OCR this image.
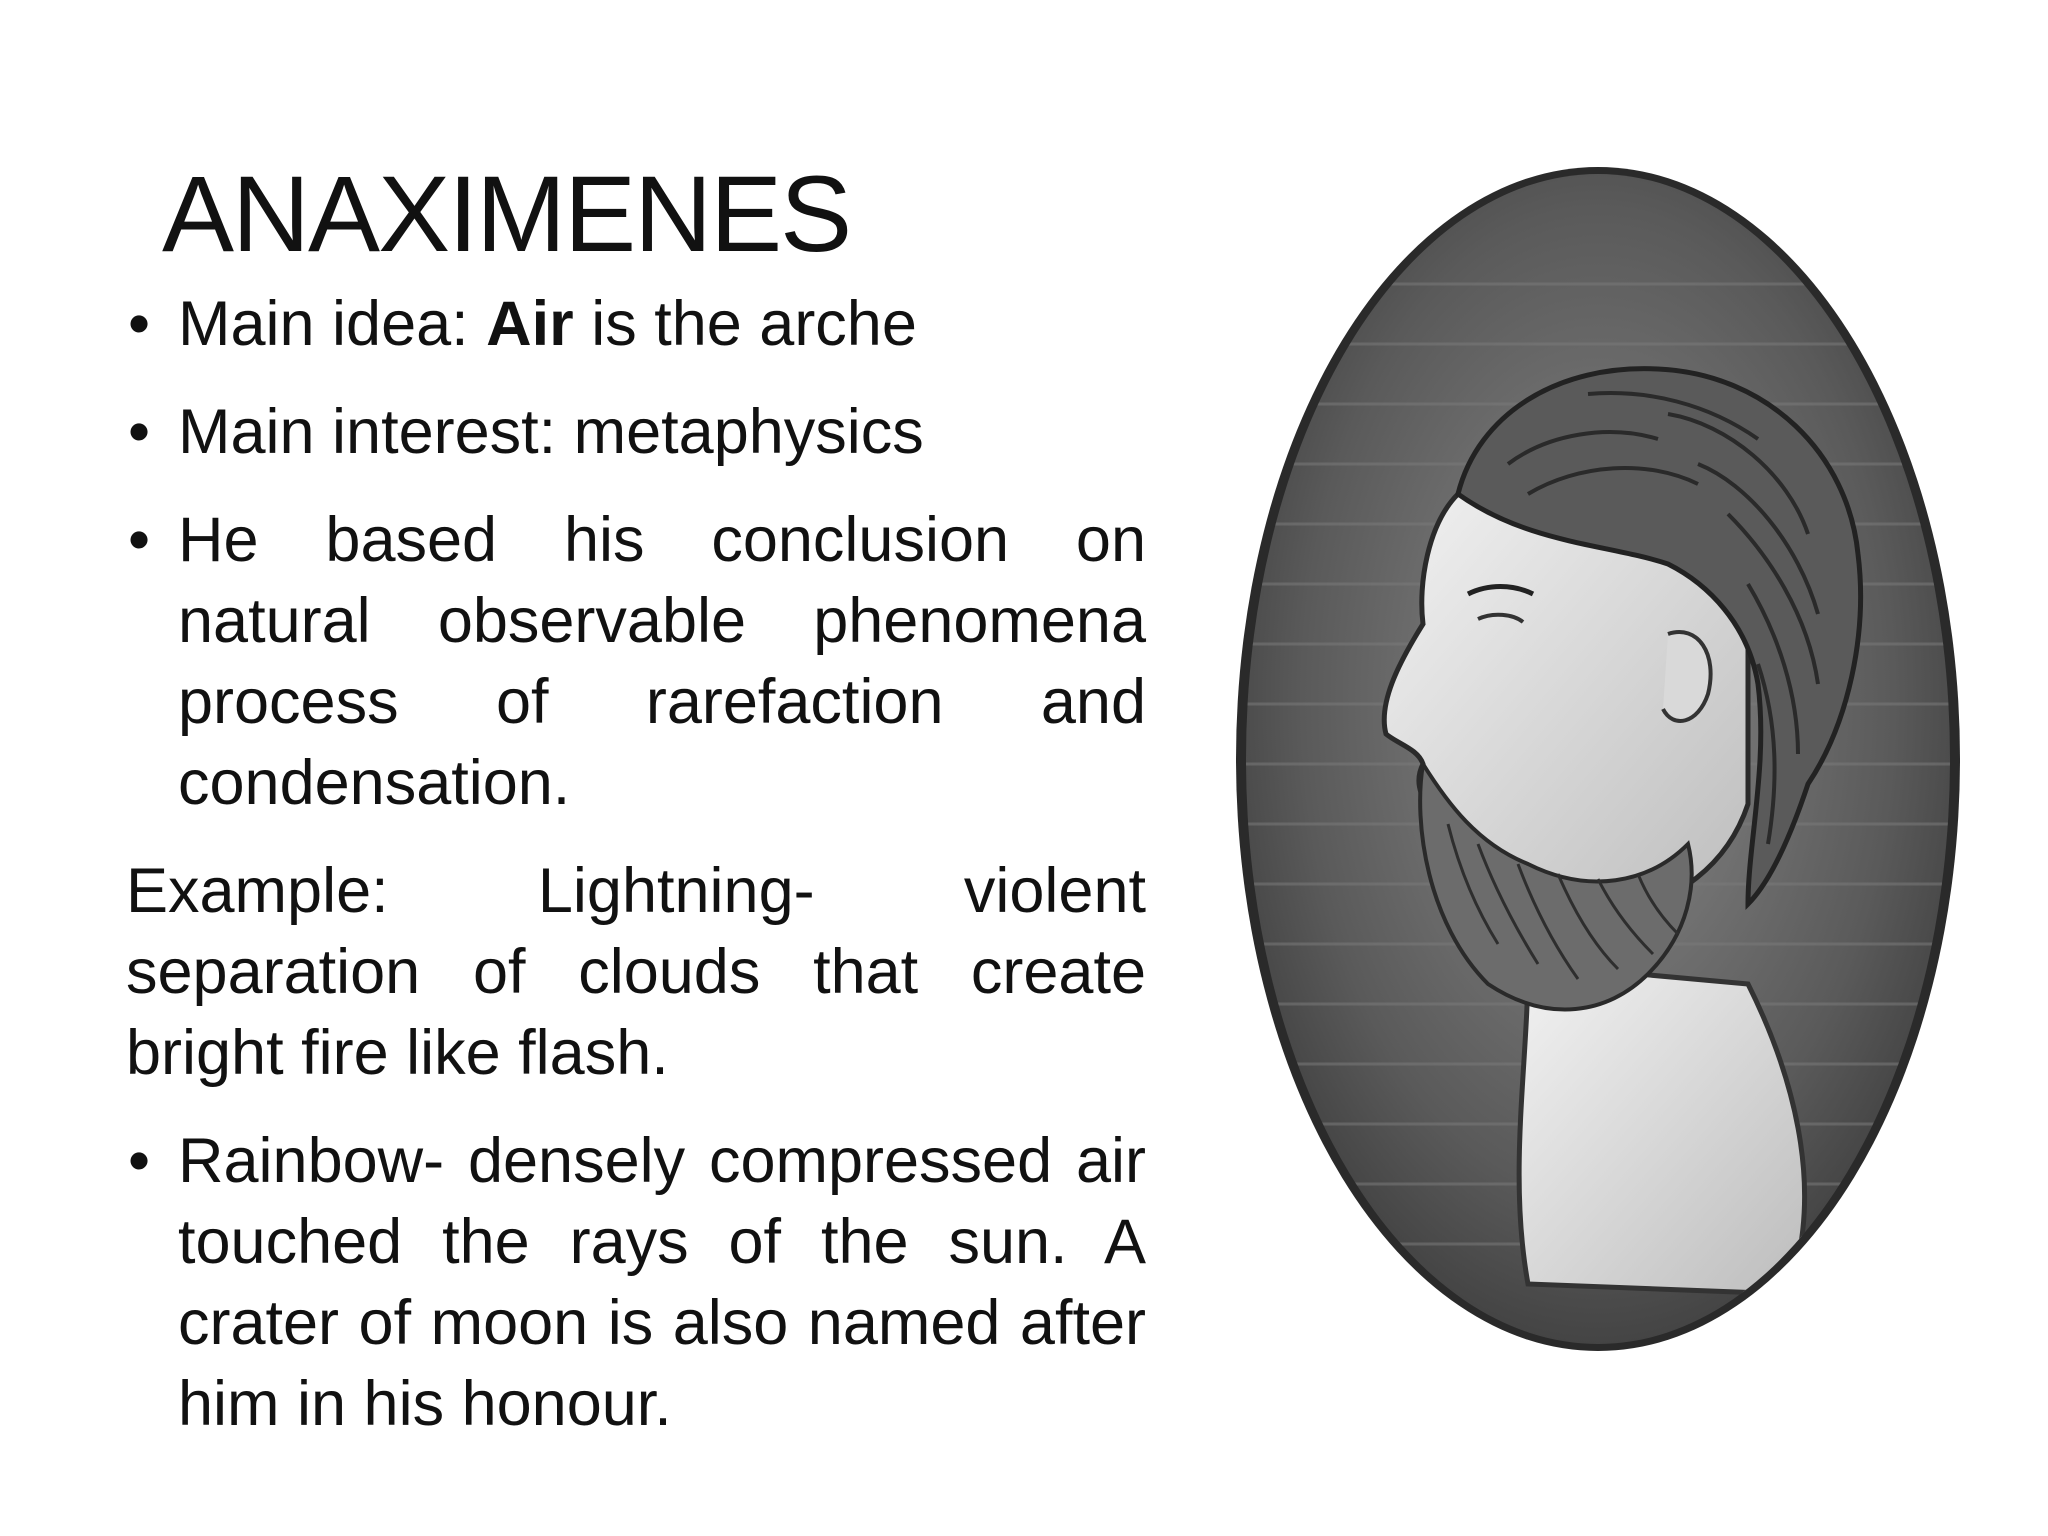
ANAXIMENES
• Main idea: Air is the arche
• Main interest: metaphysics
• He based his conclusion on natural observable phenomena process of rarefaction and condensation.
Example: Lightning- violent separation of clouds that create bright fire like flash.
• Rainbow- densely compressed air touched the rays of the sun. A crater of moon is also named after him in his honour.
